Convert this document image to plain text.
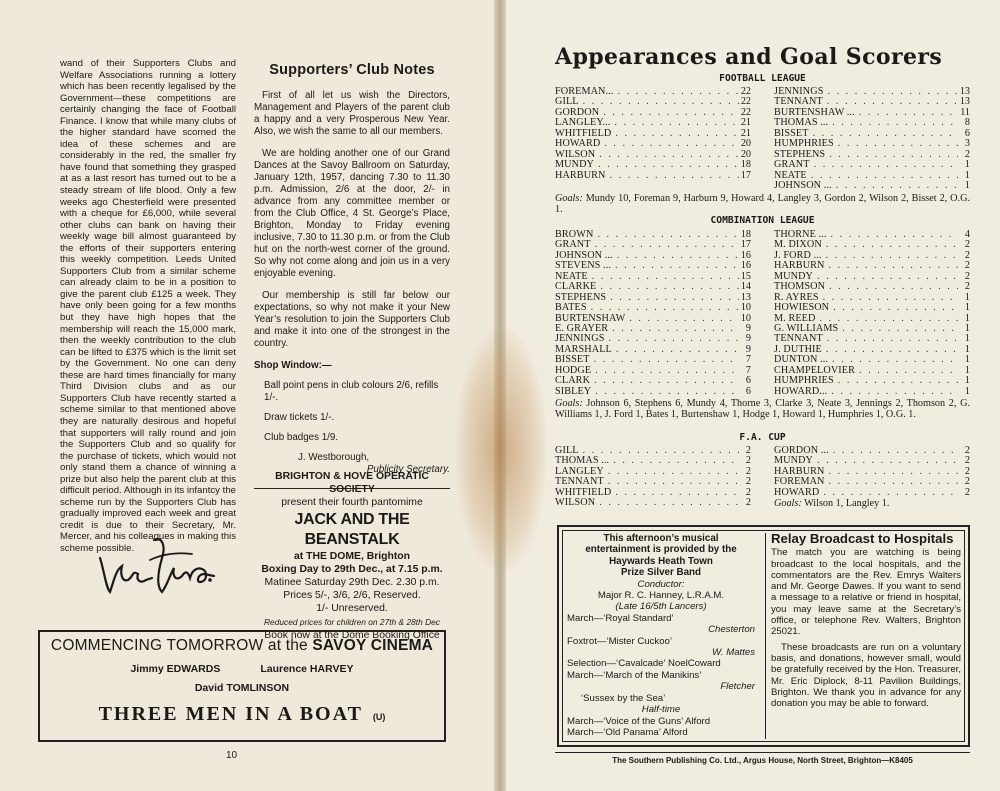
wand of their Supporters Clubs and Welfare Associations running a lottery which has been recently legalised by the Government—these competitions are certainly changing the face of Football Finance. I know that while many clubs of the higher standard have scorned the idea of these schemes and are considerably in the red, the smaller fry have found that something they grasped at as a last resort has turned out to be a steady stream of life blood. Only a few weeks ago Chesterfield were presented with a cheque for £6,000, while several other clubs can bank on having their weekly wage bill almost guaranteed by the efforts of their supporters entering this weekly competition. Leeds United Supporters Club from a similar scheme can already claim to be in a position to give the parent club £125 a week. They have only been going for a few months but they have high hopes that the membership will reach the 15,000 mark, then the weekly contribution to the club can be lifted to £375 which is the limit set by the Government. No one can deny these are hard times financially for many Third Division clubs and as our Supporters Club have recently started a scheme similar to that mentioned above they are naturally desirous and hopeful that supporters will rally round and join the Supporters Club and so qualify for the purchase of tickets, which would not only stand them a chance of winning a prize but also help the parent club at this difficult period. Although in its infantcy the scheme run by the Supporters Club has gradually improved each week and great credit is due to their Secretary, Mr. Mercer, and his colleagues in making this scheme possible.
Supporters’ Club Notes

First of all let us wish the Directors, Management and Players of the parent club a happy and a very Prosperous New Year. Also, we wish the same to all our members.

We are holding another one of our Grand Dances at the Savoy Ballroom on Saturday, January 12th, 1957, dancing 7.30 to 11.30 p.m. Admission, 2/6 at the door, 2/- in advance from any committee member or from the Club Office, 4 St. George’s Place, Brighton, Monday to Friday evening inclusive, 7.30 to 11.30 p.m. or from the Club hut on the north-west corner of the ground. So why not come along and join us in a very enjoyable evening.

Our membership is still far below our expectations, so why not make it your New Year’s resolution to join the Supporters Club and make it into one of the strongest in the country.

Shop Window:—
Ball point pens in club colours 2/6, refills 1/-.
Draw tickets 1/-.
Club badges 1/9.
J. Westborough,
Publicity Secretary.
BRIGHTON & HOVE OPERATIC
SOCIETY
present their fourth pantomime
JACK AND THE BEANSTALK
at THE DOME, Brighton
Boxing Day to 29th Dec., at 7.15 p.m.
Matinee Saturday 29th Dec. 2.30 p.m.
Prices 5/-, 3/6, 2/6, Reserved.
1/- Unreserved.
Reduced prices for children on 27th & 28th Dec
Book now at the Dome Booking Office
COMMENCING TOMORROW at the SAVOY CINEMA
Jimmy EDWARDS	Laurence HARVEY
David TOMLINSON
THREE MEN IN A BOAT (U)
10
Appearances and Goal Scorers
FOOTBALL LEAGUE
FOREMAN... . . .	22
GILL . . .	22
GORDON . . .	22
LANGLEY... . . .	21
WHITFIELD . . .	21
HOWARD . . .	20
WILSON . . .	20
MUNDY . . .	18
HARBURN . . .	17
JENNINGS . . .	13
TENNANT . . .	13
BURTENSHAW ... . . .	11
THOMAS ... . . .	8
BISSET . . .	6
HUMPHRIES . . .	3
STEPHENS . . .	2
GRANT . . .	1
NEATE . . .	1
JOHNSON ... . . .	1
Goals: Mundy 10, Foreman 9, Harburn 9, Howard 4, Langley 3, Gordon 2, Wilson 2, Bisset 2, O.G. 1.
COMBINATION LEAGUE
BROWN . . .	18
GRANT . . .	17
JOHNSON ... . . .	16
STEVENS ... . . .	16
NEATE . . .	15
CLARKE . . .	14
STEPHENS . . .	13
BATES . . .	10
BURTENSHAW . . .	10
E. GRAYER . . .	9
JENNINGS . . .	9
MARSHALL . . .	9
BISSET . . .	7
HODGE . . .	7
CLARK . . .	6
SIBLEY . . .	6
THORNE ... . . .	4
M. DIXON . . .	2
J. FORD ... . . .	2
HARBURN . . .	2
MUNDY . . .	2
THOMSON . . .	2
R. AYRES . . .	1
HOWIESON . . .	1
M. REED . . .	1
G. WILLIAMS . . .	1
TENNANT . . .	1
J. DUTHIE . . .	1
DUNTON ... . . .	1
CHAMPELOVIER . . .	1
HUMPHRIES . . .	1
HOWARD... . . .	1
Goals: Johnson 6, Stephens 6, Mundy 4, Thorne 3, Clarke 3, Neate 3, Jennings 2, Thomson 2, G. Williams 1, J. Ford 1, Bates 1, Burtenshaw 1, Hodge 1, Howard 1, Humphries 1, O.G. 1.
F.A. CUP
GILL . . .	2
THOMAS ... . . .	2
LANGLEY . . .	2
TENNANT . . .	2
WHITFIELD . . .	2
WILSON . . .	2
GORDON ... . . .	2
MUNDY . . .	2
HARBURN . . .	2
FOREMAN . . .	2
HOWARD . . .	2
Goals: Wilson 1, Langley 1.
This afternoon’s musical
entertainment is provided by the
Haywards Heath Town
Prize Silver Band
Conductor:
Major R. C. Hanney, L.R.A.M.
(Late 16/5th Lancers)
March—‘Royal Standard’
Chesterton
Foxtrot—‘Mister Cuckoo’
W. Mattes
Selection—‘Cavalcade’ NoelCoward
March—‘March of the Manikins’
Fletcher
‘Sussex by the Sea’
Half-time
March—‘Voice of the Guns’ Alford
March—‘Old Panama’ Alford
Relay Broadcast to Hospitals

The match you are watching is being broadcast to the local hospitals, and the commentators are the Rev. Emrys Walters and Mr. George Dawes. If you want to send a message to a relative or friend in hospital, you may leave same at the Secretary’s office, or telephone Rev. Walters, Brighton 25021.

These broadcasts are run on a voluntary basis, and donations, however small, would be gratefully received by the Hon. Treasurer, Mr. Eric Diplock, 8-11 Pavilion Buildings, Brighton. We thank you in advance for any donation you may be able to forward.

The Southern Publishing Co. Ltd., Argus House, North Street, Brighton—K8405
